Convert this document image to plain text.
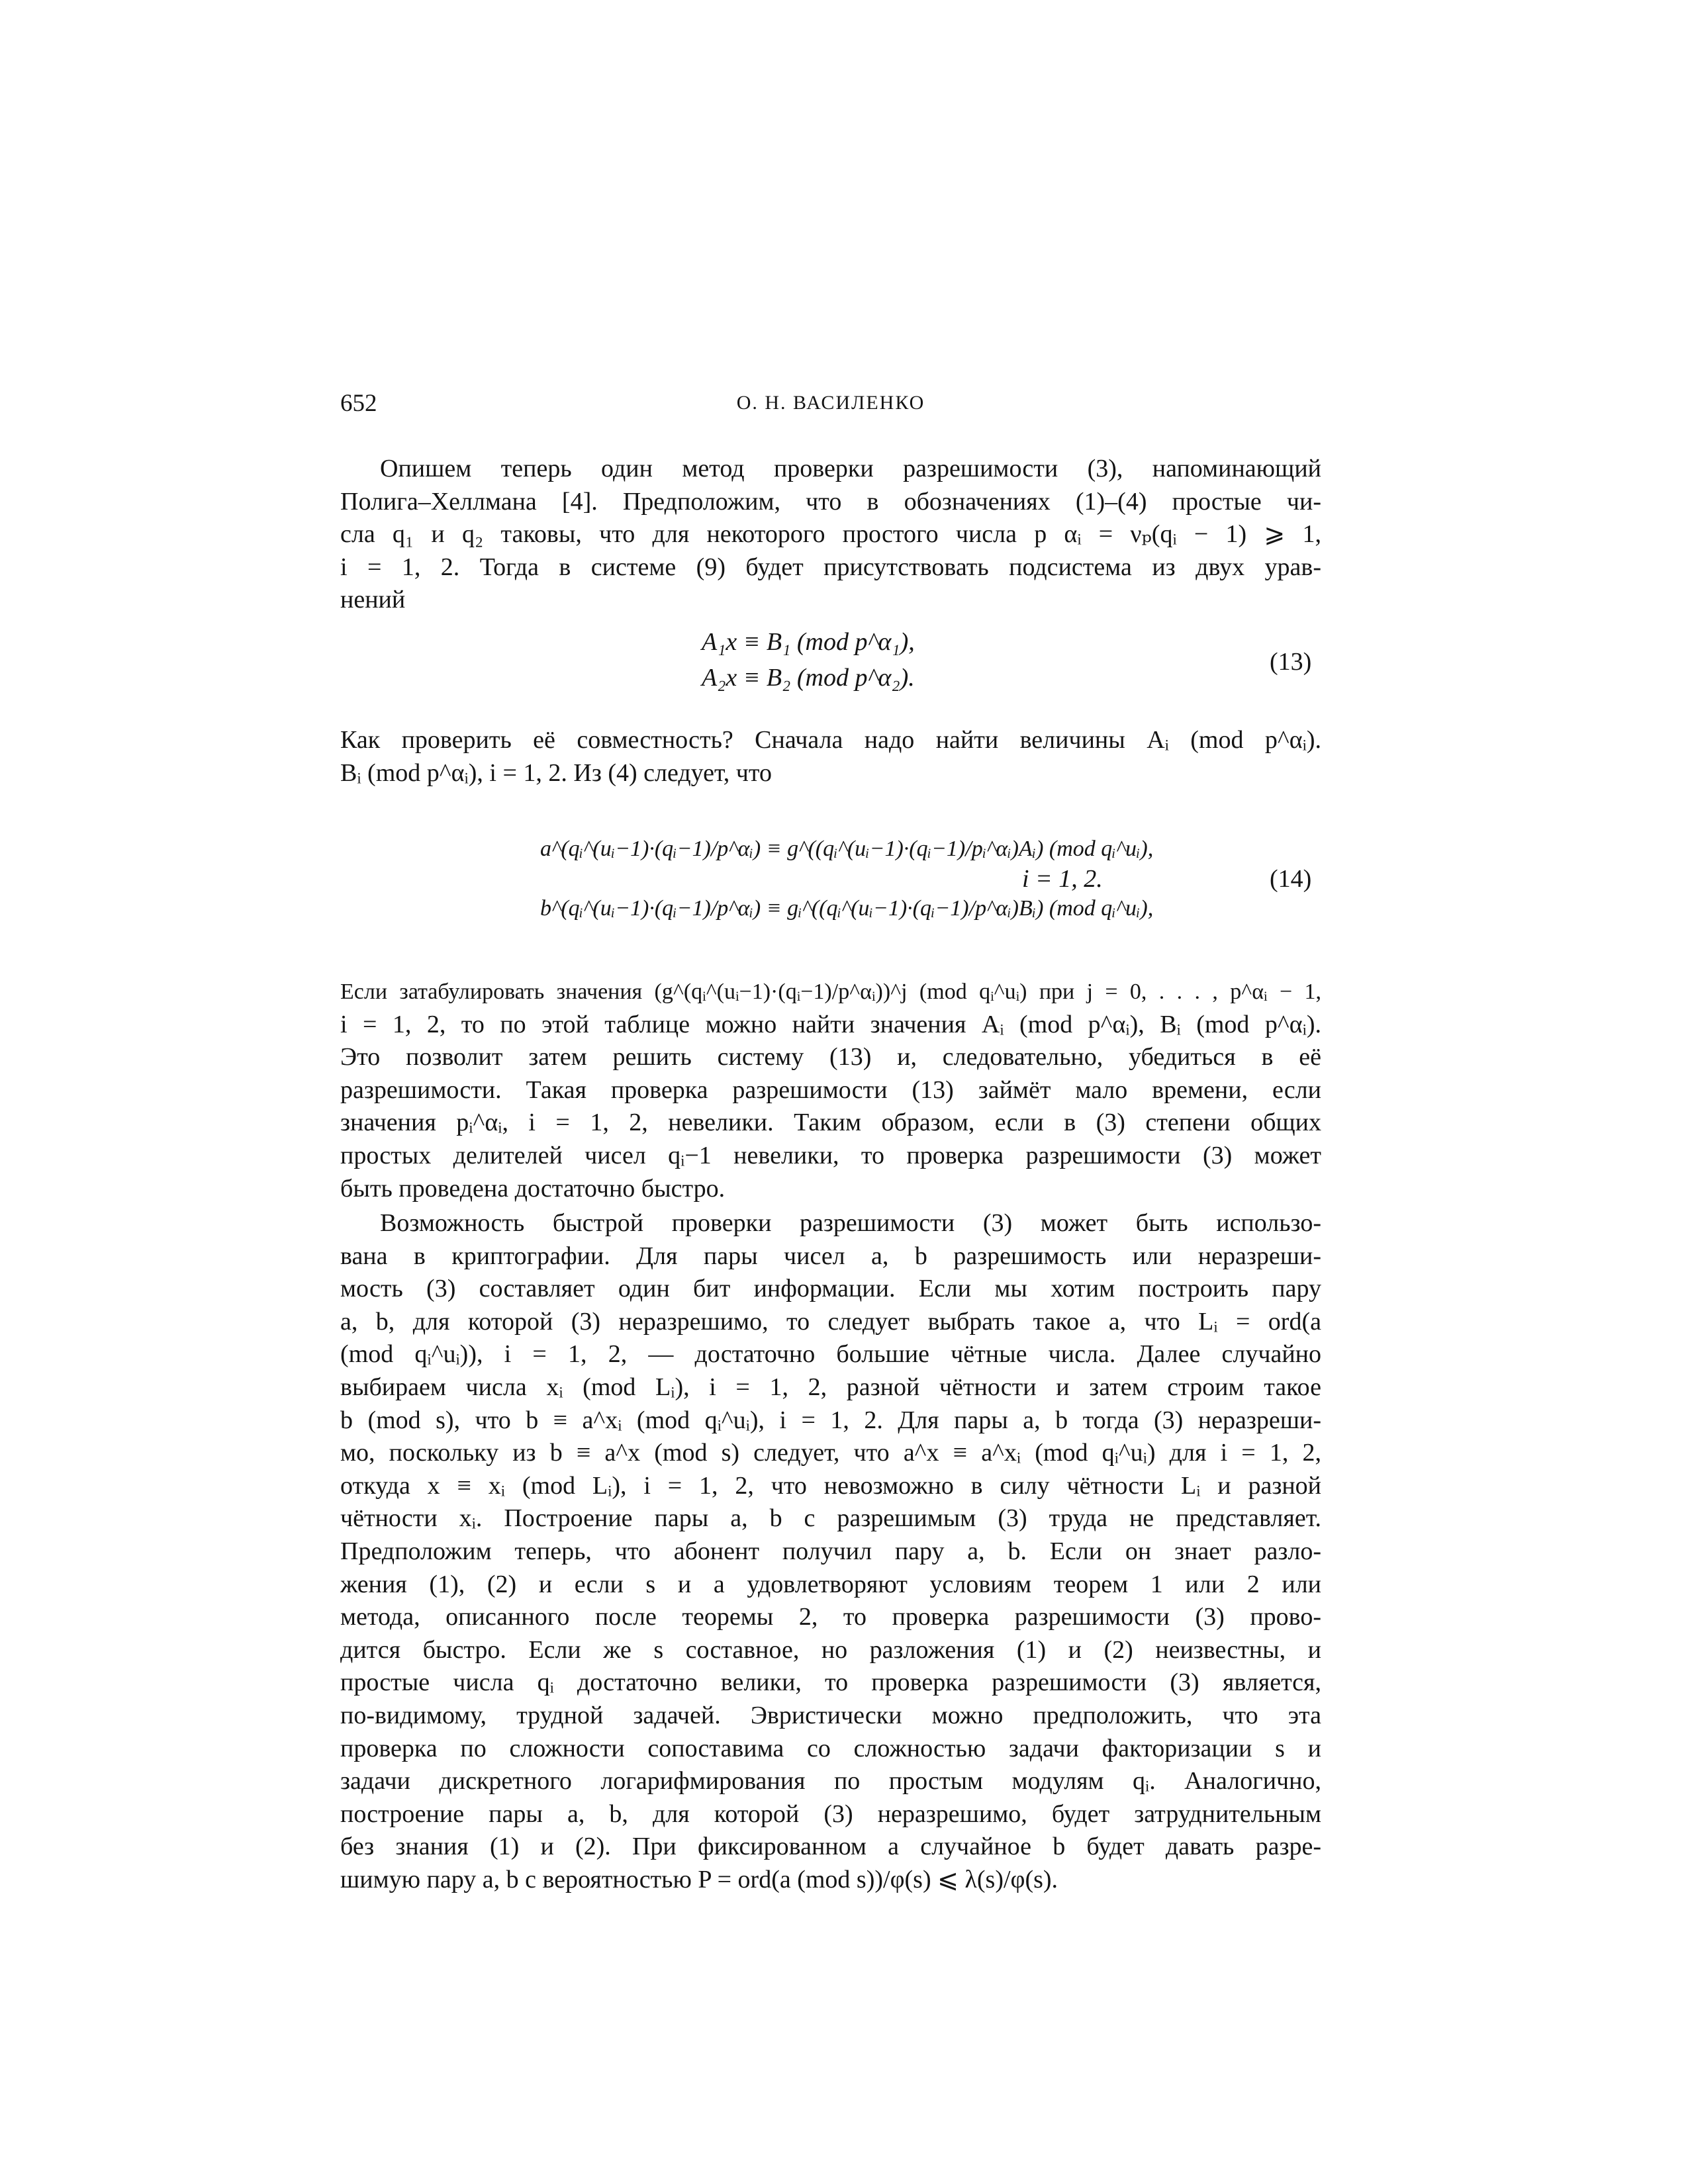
652	О. Н. ВАСИЛЕНКО
Опишем теперь один метод проверки разрешимости (3), напоминающий
Полига–Хеллмана [4]. Предположим, что в обозначениях (1)–(4) простые чи-
сла q₁ и q₂ таковы, что для некоторого простого числа p αᵢ = νₚ(qᵢ − 1) ⩾ 1,
i = 1, 2. Тогда в системе (9) будет присутствовать подсистема из двух урав-
нений
A₁x ≡ B₁ (mod p^α₁),
A₂x ≡ B₂ (mod p^α₂).
(13)
Как проверить её совместность? Сначала надо найти величины Aᵢ (mod p^αᵢ).
Bᵢ (mod p^αᵢ), i = 1, 2. Из (4) следует, что
a^(qᵢ^(uᵢ−1)·(qᵢ−1)/p^αᵢ) ≡ g^((qᵢ^(uᵢ−1)·(qᵢ−1)/pᵢ^αᵢ)Aᵢ) (mod qᵢ^uᵢ),
b^(qᵢ^(uᵢ−1)·(qᵢ−1)/p^αᵢ) ≡ gᵢ^((qᵢ^(uᵢ−1)·(qᵢ−1)/p^αᵢ)Bᵢ) (mod qᵢ^uᵢ),
i = 1, 2.	(14)
Если затабулировать значения (g^(qᵢ^(uᵢ−1)·(qᵢ−1)/p^αᵢ))^j (mod qᵢ^uᵢ) при j = 0, . . . , p^αᵢ − 1,
i = 1, 2, то по этой таблице можно найти значения Aᵢ (mod p^αᵢ), Bᵢ (mod p^αᵢ).
Это позволит затем решить систему (13) и, следовательно, убедиться в её
разрешимости. Такая проверка разрешимости (13) займёт мало времени, если
значения pᵢ^αᵢ, i = 1, 2, невелики. Таким образом, если в (3) степени общих
простых делителей чисел qᵢ−1 невелики, то проверка разрешимости (3) может
быть проведена достаточно быстро.
Возможность быстрой проверки разрешимости (3) может быть использо-
вана в криптографии. Для пары чисел a, b разрешимость или неразреши-
мость (3) составляет один бит информации. Если мы хотим построить пару
a, b, для которой (3) неразрешимо, то следует выбрать такое a, что Lᵢ = ord(a
(mod qᵢ^uᵢ)), i = 1, 2, — достаточно большие чётные числа. Далее случайно
выбираем числа xᵢ (mod Lᵢ), i = 1, 2, разной чётности и затем строим такое
b (mod s), что b ≡ a^xᵢ (mod qᵢ^uᵢ), i = 1, 2. Для пары a, b тогда (3) неразреши-
мо, поскольку из b ≡ a^x (mod s) следует, что a^x ≡ a^xᵢ (mod qᵢ^uᵢ) для i = 1, 2,
откуда x ≡ xᵢ (mod Lᵢ), i = 1, 2, что невозможно в силу чётности Lᵢ и разной
чётности xᵢ. Построение пары a, b с разрешимым (3) труда не представляет.
Предположим теперь, что абонент получил пару a, b. Если он знает разло-
жения (1), (2) и если s и a удовлетворяют условиям теорем 1 или 2 или
метода, описанного после теоремы 2, то проверка разрешимости (3) прово-
дится быстро. Если же s составное, но разложения (1) и (2) неизвестны, и
простые числа qᵢ достаточно велики, то проверка разрешимости (3) является,
по-видимому, трудной задачей. Эвристически можно предположить, что эта
проверка по сложности сопоставима со сложностью задачи факторизации s и
задачи дискретного логарифмирования по простым модулям qᵢ. Аналогично,
построение пары a, b, для которой (3) неразрешимо, будет затруднительным
без знания (1) и (2). При фиксированном a случайное b будет давать разре-
шимую пару a, b с вероятностью P = ord(a (mod s))/φ(s) ⩽ λ(s)/φ(s).
